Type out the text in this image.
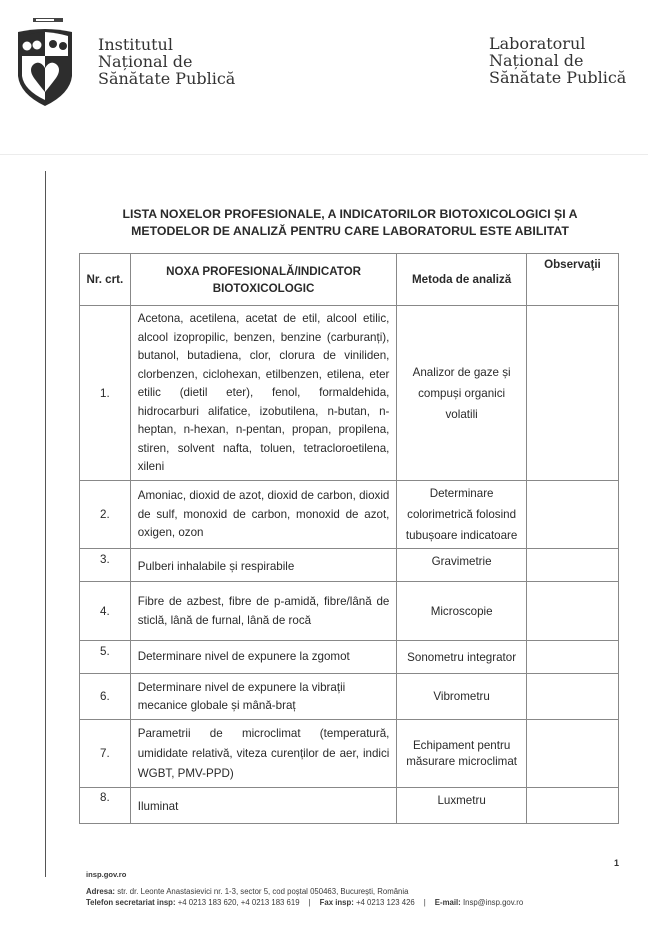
Institutul
Național de
Sănătate Publică
Laboratorul
Național de
Sănătate Publică
LISTA NOXELOR PROFESIONALE, A INDICATORILOR BIOTOXICOLOGICI ȘI A
METODELOR DE ANALIZĂ PENTRU CARE LABORATORUL ESTE ABILITAT
Nr. crt.	NOXA PROFESIONALĂ/INDICATOR BIOTOXICOLOGIC	Metoda de analiză	Observaţii
1.	Acetona, acetilena, acetat de etil, alcool etilic, alcool izopropilic, benzen, benzine (carburanți), butanol, butadiena, clor, clorura de viniliden, clorbenzen, ciclohexan, etilbenzen, etilena, eter etilic (dietil eter), fenol, formaldehida, hidrocarburi alifatice, izobutilena, n-butan, n-heptan, n-hexan, n-pentan, propan, propilena, stiren, solvent nafta, toluen, tetracloroetilena, xileni	Analizor de gaze și compuși organici volatili	

2.	Amoniac, dioxid de azot, dioxid de carbon, dioxid de sulf, monoxid de carbon, monoxid de azot, oxigen, ozon	Determinare colorimetrică folosind tubușoare indicatoare	

3.	Pulberi inhalabile și respirabile	Gravimetrie	

4.	Fibre de azbest, fibre de p-amidă, fibre/lână de sticlă, lână de furnal, lână de rocă	Microscopie	

5.	Determinare nivel de expunere la zgomot	Sonometru integrator	

6.	Determinare nivel de expunere la vibrații mecanice globale și mână-braț	Vibrometru	

7.	Parametrii de microclimat (temperatură, umididate relativă, viteza curenților de aer, indici WGBT, PMV-PPD)	Echipament pentru măsurare microclimat	

8.	Iluminat	Luxmetru	

1
insp.gov.ro
Adresa: str. dr. Leonte Anastasievici nr. 1-3, sector 5, cod poștal 050463, București, România
Telefon secretariat insp: +4 0213 183 620, +4 0213 183 619 | Fax insp: +4 0213 123 426 | E-mail: Insp@insp.gov.ro
